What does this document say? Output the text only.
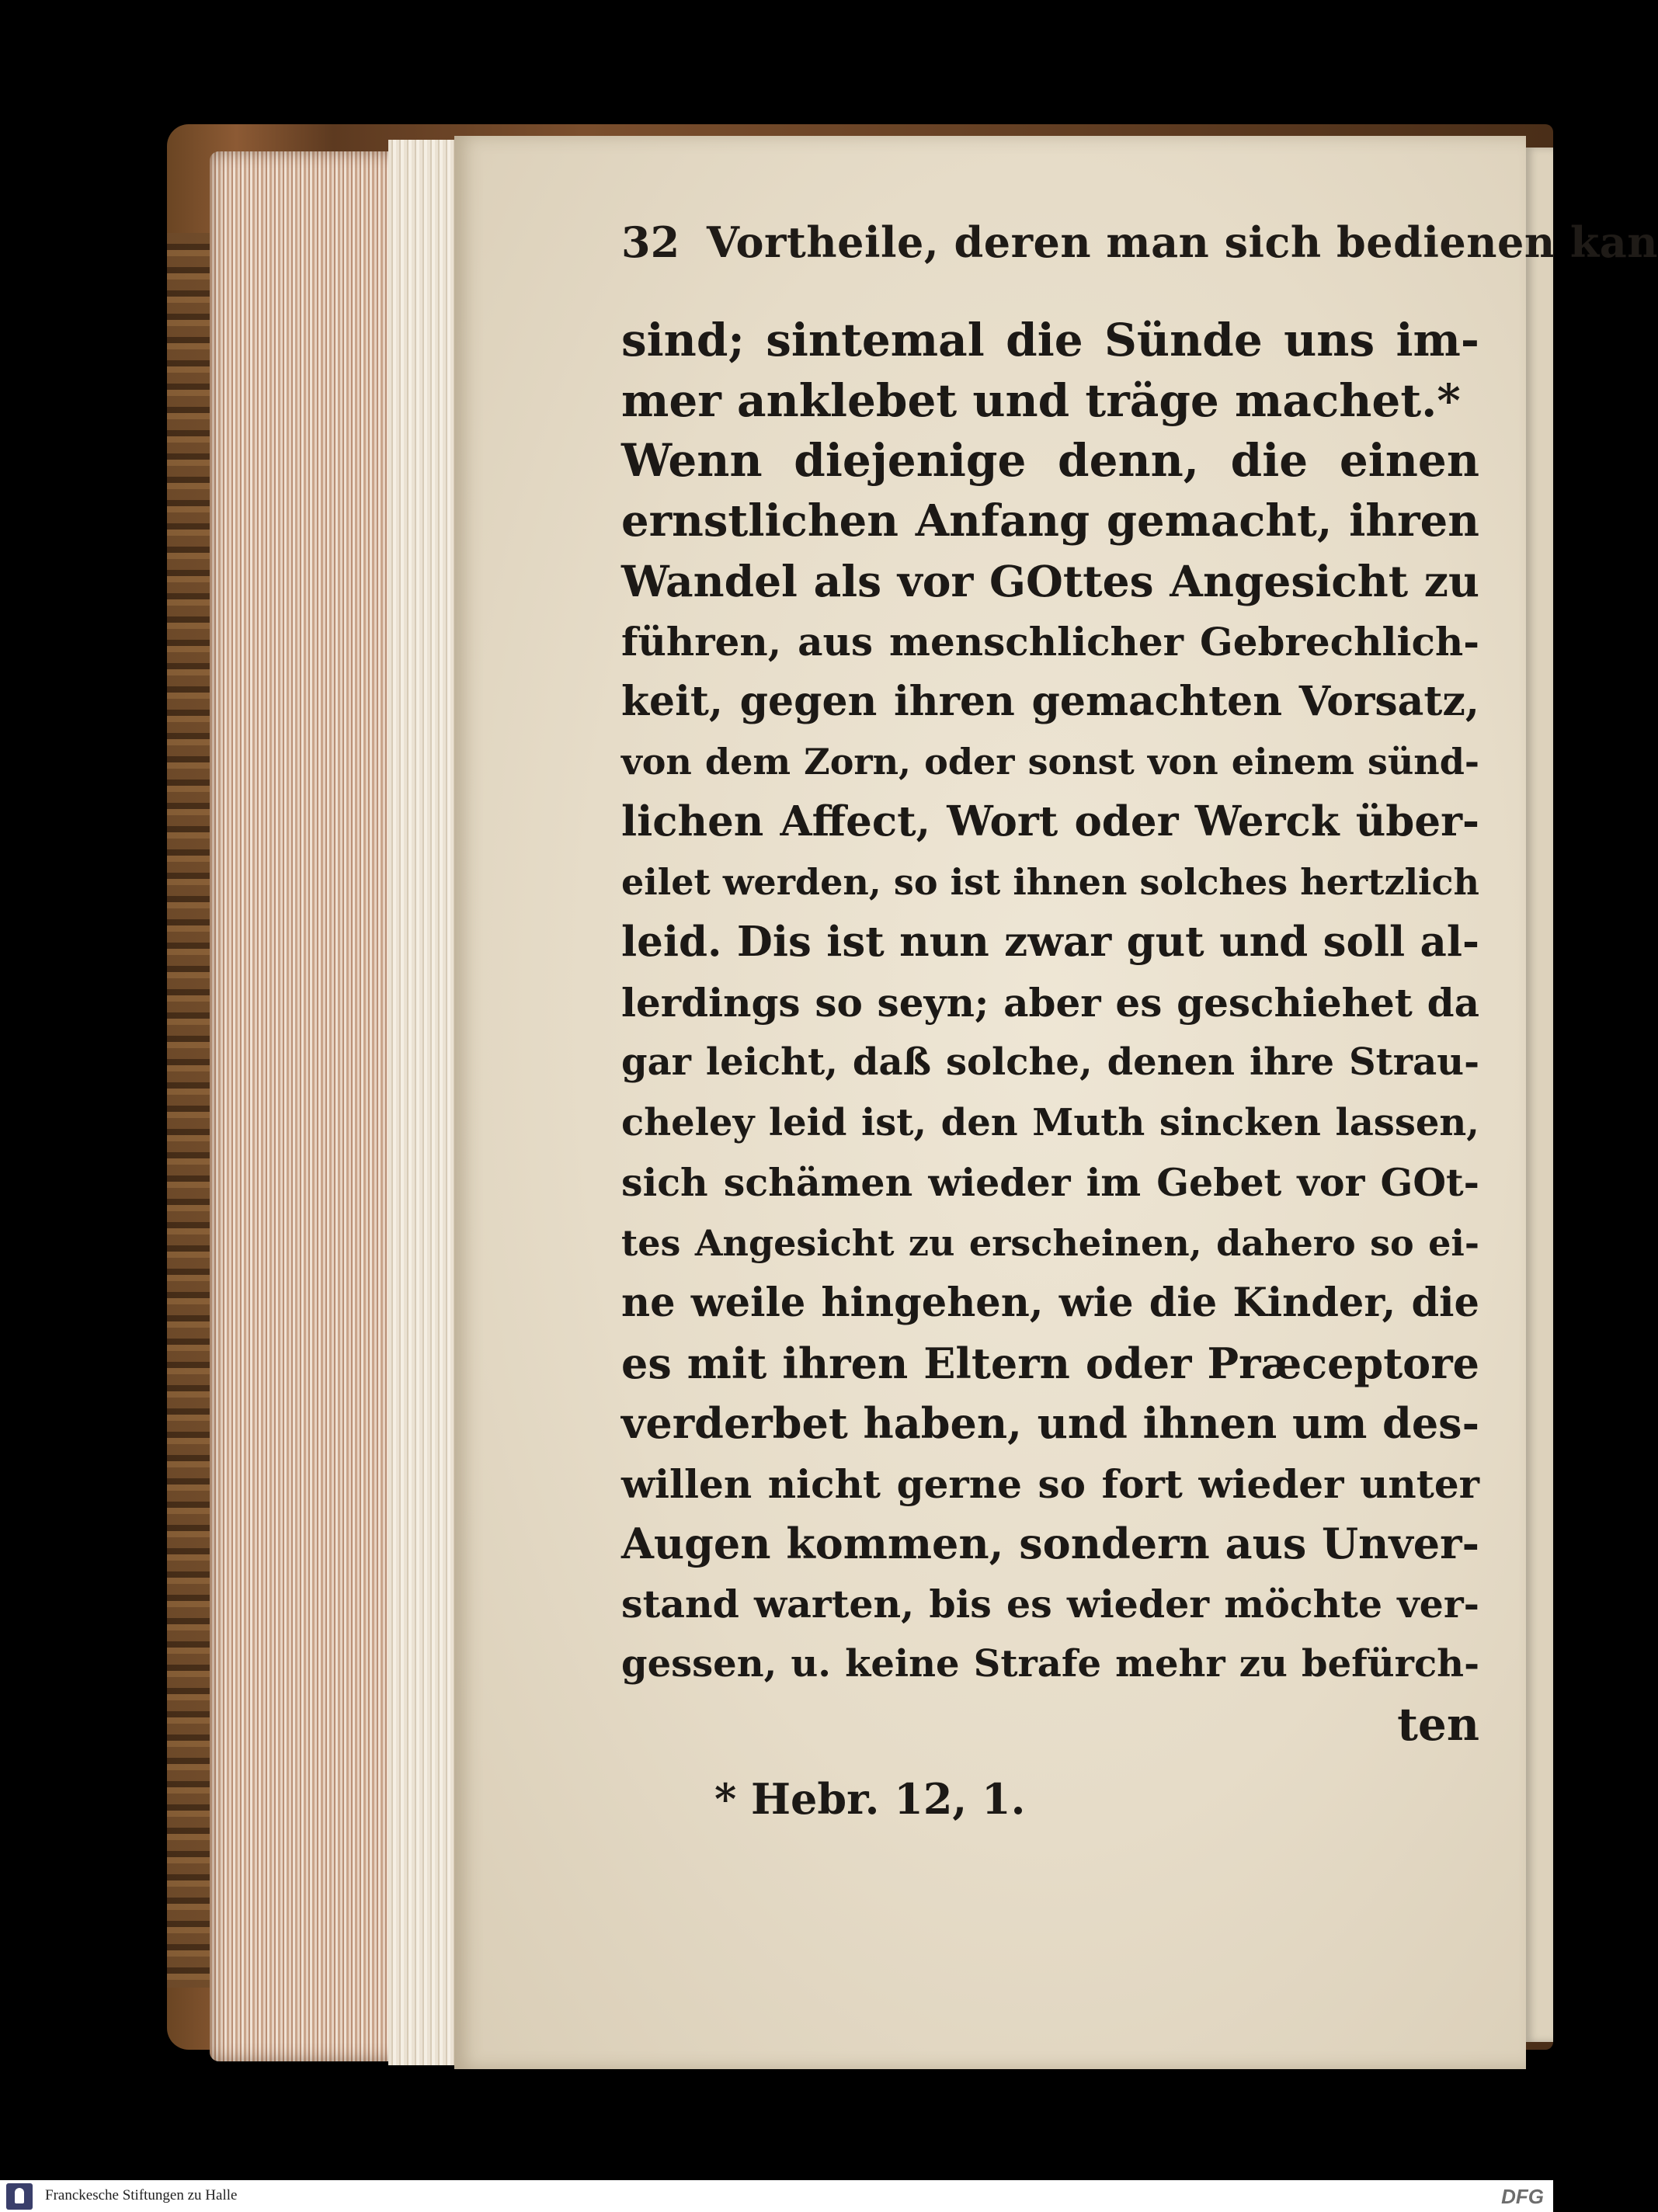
32 Vortheile, deren man sich bedienen kan
sind; sintemal die Sünde uns im-
mer anklebet und träge machet.*
Wenn diejenige denn, die einen
ernstlichen Anfang gemacht, ihren
Wandel als vor GOttes Angesicht zu
führen, aus menschlicher Gebrechlich-
keit, gegen ihren gemachten Vorsatz,
von dem Zorn, oder sonst von einem sünd-
lichen Affect, Wort oder Werck über-
eilet werden, so ist ihnen solches hertzlich
leid. Dis ist nun zwar gut und soll al-
lerdings so seyn; aber es geschiehet da
gar leicht, daß solche, denen ihre Strau-
cheley leid ist, den Muth sincken lassen,
sich schämen wieder im Gebet vor GOt-
tes Angesicht zu erscheinen, dahero so ei-
ne weile hingehen, wie die Kinder, die
es mit ihren Eltern oder Præceptore
verderbet haben, und ihnen um des-
willen nicht gerne so fort wieder unter
Augen kommen, sondern aus Unver-
stand warten, bis es wieder möchte ver-
gessen, u. keine Strafe mehr zu befürch-
ten
* Hebr. 12, 1.
Franckesche Stiftungen zu Halle	DFG
